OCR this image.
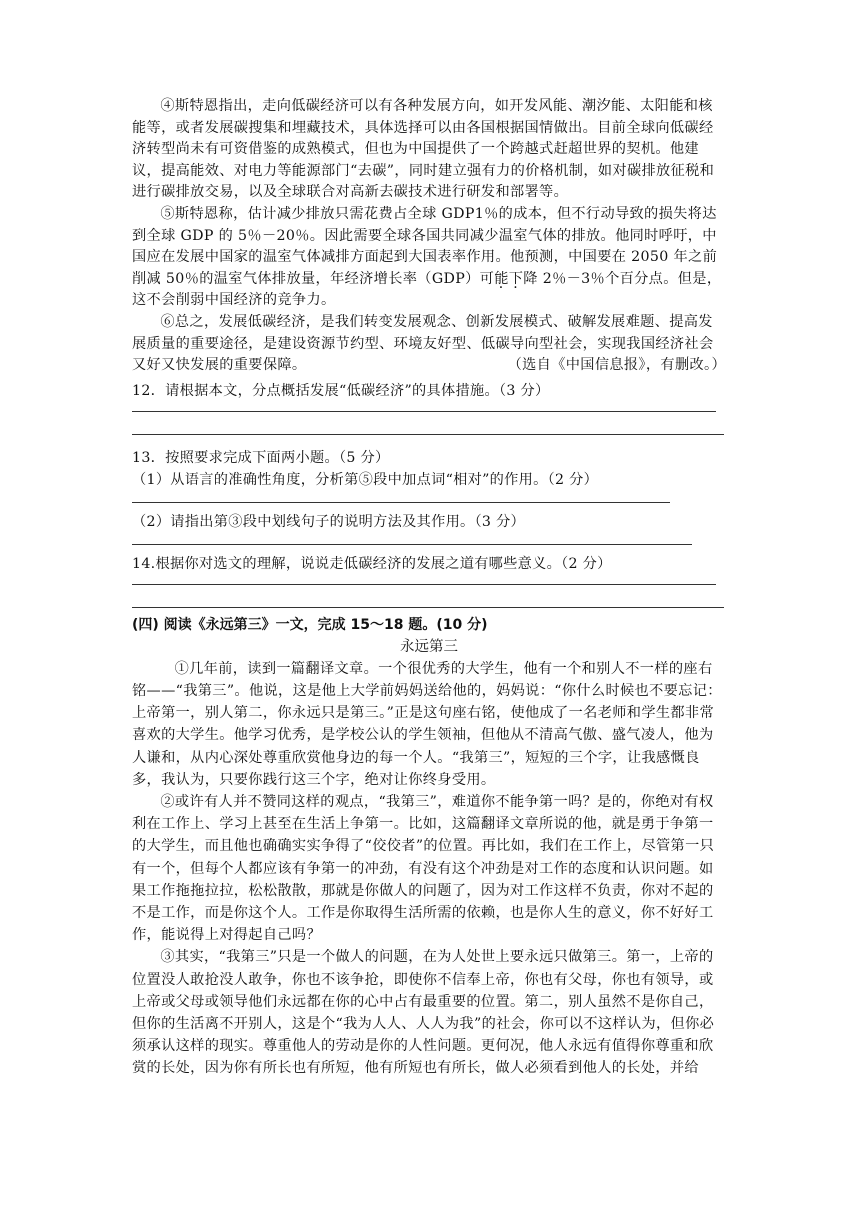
④斯特恩指出，走向低碳经济可以有各种发展方向，如开发风能、潮汐能、太阳能和核能等，或者发展碳搜集和埋藏技术，具体选择可以由各国根据国情做出。目前全球向低碳经济转型尚未有可资借鉴的成熟模式，但也为中国提供了一个跨越式赶超世界的契机。他建议，提高能效、对电力等能源部门“去碳”，同时建立强有力的价格机制，如对碳排放征税和进行碳排放交易，以及全球联合对高新去碳技术进行研发和部署等。

⑤斯特恩称，估计减少排放只需花费占全球 GDP1％的成本，但不行动导致的损失将达到全球 GDP 的 5％－20％。因此需要全球各国共同减少温室气体的排放。他同时呼吁，中国应在发展中国家的温室气体减排方面起到大国表率作用。他预测，中国要在 2050 年之前削减 50％的温室气体排放量，年经济增长率（GDP）可能下降 2％－3％个百分点。但是，这不会削弱中国经济的竞争力。

⑥总之，发展低碳经济，是我们转变发展观念、创新发展模式、破解发展难题、提高发展质量的重要途径，是建设资源节约型、环境友好型、低碳导向型社会，实现我国经济社会又好又快发展的重要保障。	（选自《中国信息报》，有删改。）

12．请根据本文，分点概括发展“低碳经济”的具体措施。（3 分）

13．按照要求完成下面两小题。（5 分）

（1）从语言的准确性角度，分析第⑤段中加点词“相对”的作用。（2 分）

（2）请指出第③段中划线句子的说明方法及其作用。（3 分）

14.根据你对选文的理解，说说走低碳经济的发展之道有哪些意义。（2 分）

(四) 阅读《永远第三》一文，完成 15～18 题。(10 分)

永远第三

①几年前，读到一篇翻译文章。一个很优秀的大学生，他有一个和别人不一样的座右铭——“我第三”。他说，这是他上大学前妈妈送给他的，妈妈说：“你什么时候也不要忘记：上帝第一，别人第二，你永远只是第三。”正是这句座右铭，使他成了一名老师和学生都非常喜欢的大学生。他学习优秀，是学校公认的学生领袖，但他从不清高气傲、盛气凌人，他为人谦和，从内心深处尊重欣赏他身边的每一个人。“我第三”，短短的三个字，让我感慨良多，我认为，只要你践行这三个字，绝对让你终身受用。

②或许有人并不赞同这样的观点，“我第三”，难道你不能争第一吗？是的，你绝对有权利在工作上、学习上甚至在生活上争第一。比如，这篇翻译文章所说的他，就是勇于争第一的大学生，而且他也确确实实争得了“佼佼者”的位置。再比如，我们在工作上，尽管第一只有一个，但每个人都应该有争第一的冲劲，有没有这个冲劲是对工作的态度和认识问题。如果工作拖拖拉拉，松松散散，那就是你做人的问题了，因为对工作这样不负责，你对不起的不是工作，而是你这个人。工作是你取得生活所需的依赖，也是你人生的意义，你不好好工作，能说得上对得起自己吗？

③其实，“我第三”只是一个做人的问题，在为人处世上要永远只做第三。第一，上帝的位置没人敢抢没人敢争，你也不该争抢，即使你不信奉上帝，你也有父母，你也有领导，或上帝或父母或领导他们永远都在你的心中占有最重要的位置。第二，别人虽然不是你自己，但你的生活离不开别人，这是个“我为人人、人人为我”的社会，你可以不这样认为，但你必须承认这样的现实。尊重他人的劳动是你的人性问题。更何况，他人永远有值得你尊重和欣赏的长处，因为你有所长也有所短，他有所短也有所长，做人必须看到他人的长处，并给
